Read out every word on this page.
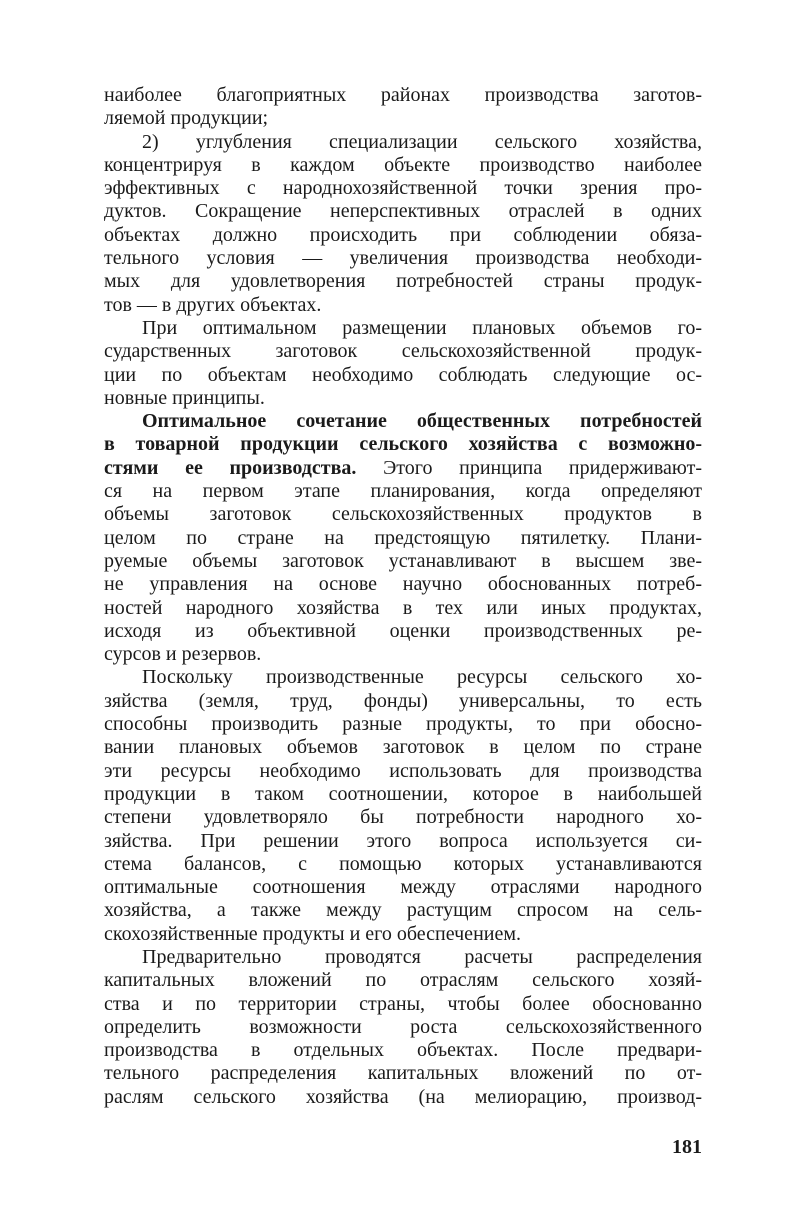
наиболее благоприятных районах производства заготов-
ляемой продукции;
2) углубления специализации сельского хозяйства,
концентрируя в каждом объекте производство наиболее
эффективных с народнохозяйственной точки зрения про-
дуктов. Сокращение неперспективных отраслей в одних
объектах должно происходить при соблюдении обяза-
тельного условия — увеличения производства необходи-
мых для удовлетворения потребностей страны продук-
тов — в других объектах.
При оптимальном размещении плановых объемов го-
сударственных заготовок сельскохозяйственной продук-
ции по объектам необходимо соблюдать следующие ос-
новные принципы.
Оптимальное сочетание общественных потребностей
в товарной продукции сельского хозяйства с возможно-
стями ее производства. Этого принципа придерживают-
ся на первом этапе планирования, когда определяют
объемы заготовок сельскохозяйственных продуктов в
целом по стране на предстоящую пятилетку. Плани-
руемые объемы заготовок устанавливают в высшем зве-
не управления на основе научно обоснованных потреб-
ностей народного хозяйства в тех или иных продуктах,
исходя из объективной оценки производственных ре-
сурсов и резервов.
Поскольку производственные ресурсы сельского хо-
зяйства (земля, труд, фонды) универсальны, то есть
способны производить разные продукты, то при обосно-
вании плановых объемов заготовок в целом по стране
эти ресурсы необходимо использовать для производства
продукции в таком соотношении, которое в наибольшей
степени удовлетворяло бы потребности народного хо-
зяйства. При решении этого вопроса используется си-
стема балансов, с помощью которых устанавливаются
оптимальные соотношения между отраслями народного
хозяйства, а также между растущим спросом на сель-
скохозяйственные продукты и его обеспечением.
Предварительно проводятся расчеты распределения
капитальных вложений по отраслям сельского хозяй-
ства и по территории страны, чтобы более обоснованно
определить возможности роста сельскохозяйственного
производства в отдельных объектах. После предвари-
тельного распределения капитальных вложений по от-
раслям сельского хозяйства (на мелиорацию, производ-
181
